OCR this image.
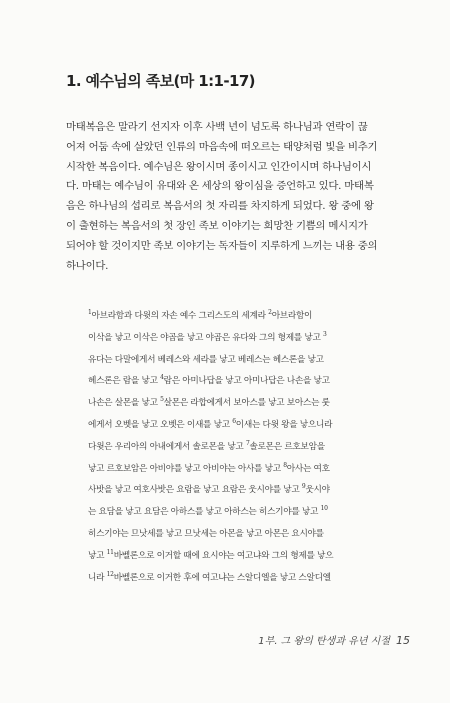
1. 예수님의 족보(마 1:1-17)
마태복음은 말라기 선지자 이후 사백 년이 넘도록 하나님과 연락이 끊
어져 어둠 속에 살았던 인류의 마음속에 떠오르는 태양처럼 빛을 비추기
시작한 복음이다. 예수님은 왕이시며 종이시고 인간이시며 하나님이시
다. 마태는 예수님이 유대와 온 세상의 왕이심을 증언하고 있다. 마태복
음은 하나님의 섭리로 복음서의 첫 자리를 차지하게 되었다. 왕 중에 왕
이 출현하는 복음서의 첫 장인 족보 이야기는 희망찬 기쁨의 메시지가
되어야 할 것이지만 족보 이야기는 독자들이 지루하게 느끼는 내용 중의
하나이다.
$^1$아브라함과 다윗의 자손 예수 그리스도의 세계라 $^2$아브라함이
이삭을 낳고 이삭은 야곱을 낳고 야곱은 유다와 그의 형제를 낳고 $^3$
유다는 다말에게서 베레스와 세라를 낳고 베레스는 헤스론을 낳고
헤스론은 람을 낳고 $^4$람은 아미나답을 낳고 아미나답은 나손을 낳고
나손은 살몬을 낳고 $^5$살몬은 라합에게서 보아스를 낳고 보아스는 룻
에게서 오벳을 낳고 오벳은 이새를 낳고 $^6$이새는 다윗 왕을 낳으니라
다윗은 우리아의 아내에게서 솔로몬을 낳고 $^7$솔로몬은 르호보암을
낳고 르호보암은 아비야를 낳고 아비야는 아사를 낳고 $^8$아사는 여호
사밧을 낳고 여호사밧은 요람을 낳고 요람은 웃시야를 낳고 $^9$웃시야
는 요담을 낳고 요담은 아하스를 낳고 아하스는 히스기야를 낳고 $^{10}$
히스기야는 므낫세를 낳고 므낫세는 아몬을 낳고 아몬은 요시야를
낳고 $^{11}$바벨론으로 이거할 때에 요시야는 여고냐와 그의 형제를 낳으
니라 $^{12}$바벨론으로 이거한 후에 여고냐는 스알디엘을 낳고 스알디엘
1부. 그 왕의 탄생과 유년 시절 15
